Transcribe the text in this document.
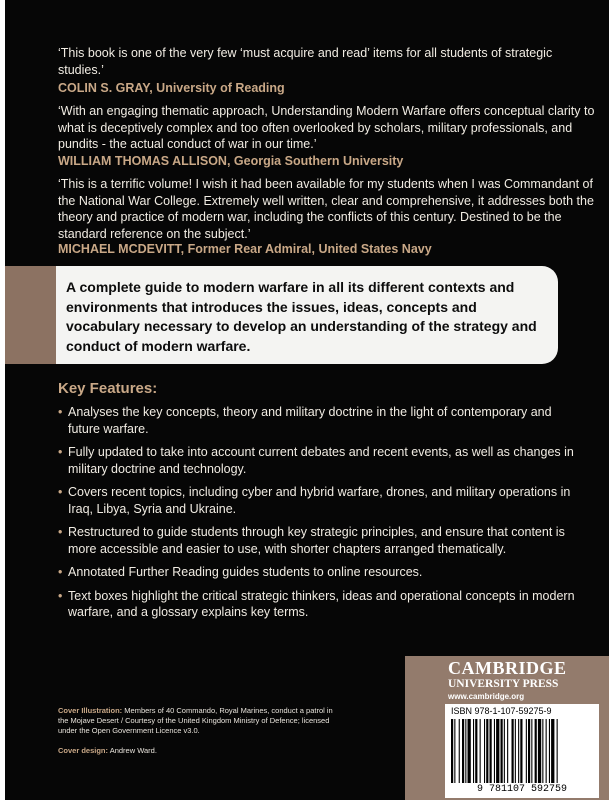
‘This book is one of the very few ‘must acquire and read’ items for all students of strategic studies.’
COLIN S. GRAY, University of Reading
‘With an engaging thematic approach, Understanding Modern Warfare offers conceptual clarity to what is deceptively complex and too often overlooked by scholars, military professionals, and pundits - the actual conduct of war in our time.’
WILLIAM THOMAS ALLISON, Georgia Southern University
‘This is a terrific volume! I wish it had been available for my students when I was Commandant of the National War College. Extremely well written, clear and comprehensive, it addresses both the theory and practice of modern war, including the conflicts of this century. Destined to be the standard reference on the subject.’
MICHAEL MCDEVITT, Former Rear Admiral, United States Navy

A complete guide to modern warfare in all its different contexts and environments that introduces the issues, ideas, concepts and vocabulary necessary to develop an understanding of the strategy and conduct of modern warfare.

Key Features:
• Analyses the key concepts, theory and military doctrine in the light of contemporary and future warfare.
• Fully updated to take into account current debates and recent events, as well as changes in military doctrine and technology.
• Covers recent topics, including cyber and hybrid warfare, drones, and military operations in Iraq, Libya, Syria and Ukraine.
• Restructured to guide students through key strategic principles, and ensure that content is more accessible and easier to use, with shorter chapters arranged thematically.
• Annotated Further Reading guides students to online resources.
• Text boxes highlight the critical strategic thinkers, ideas and operational concepts in modern warfare, and a glossary explains key terms.
Cover Illustration: Members of 40 Commando, Royal Marines, conduct a patrol in the Mojave Desert / Courtesy of the United Kingdom Ministry of Defence; licensed under the Open Government Licence v3.0.
Cover design: Andrew Ward.
CAMBRIDGE
UNIVERSITY PRESS
www.cambridge.org
ISBN 978-1-107-59275-9
9 781107 592759
